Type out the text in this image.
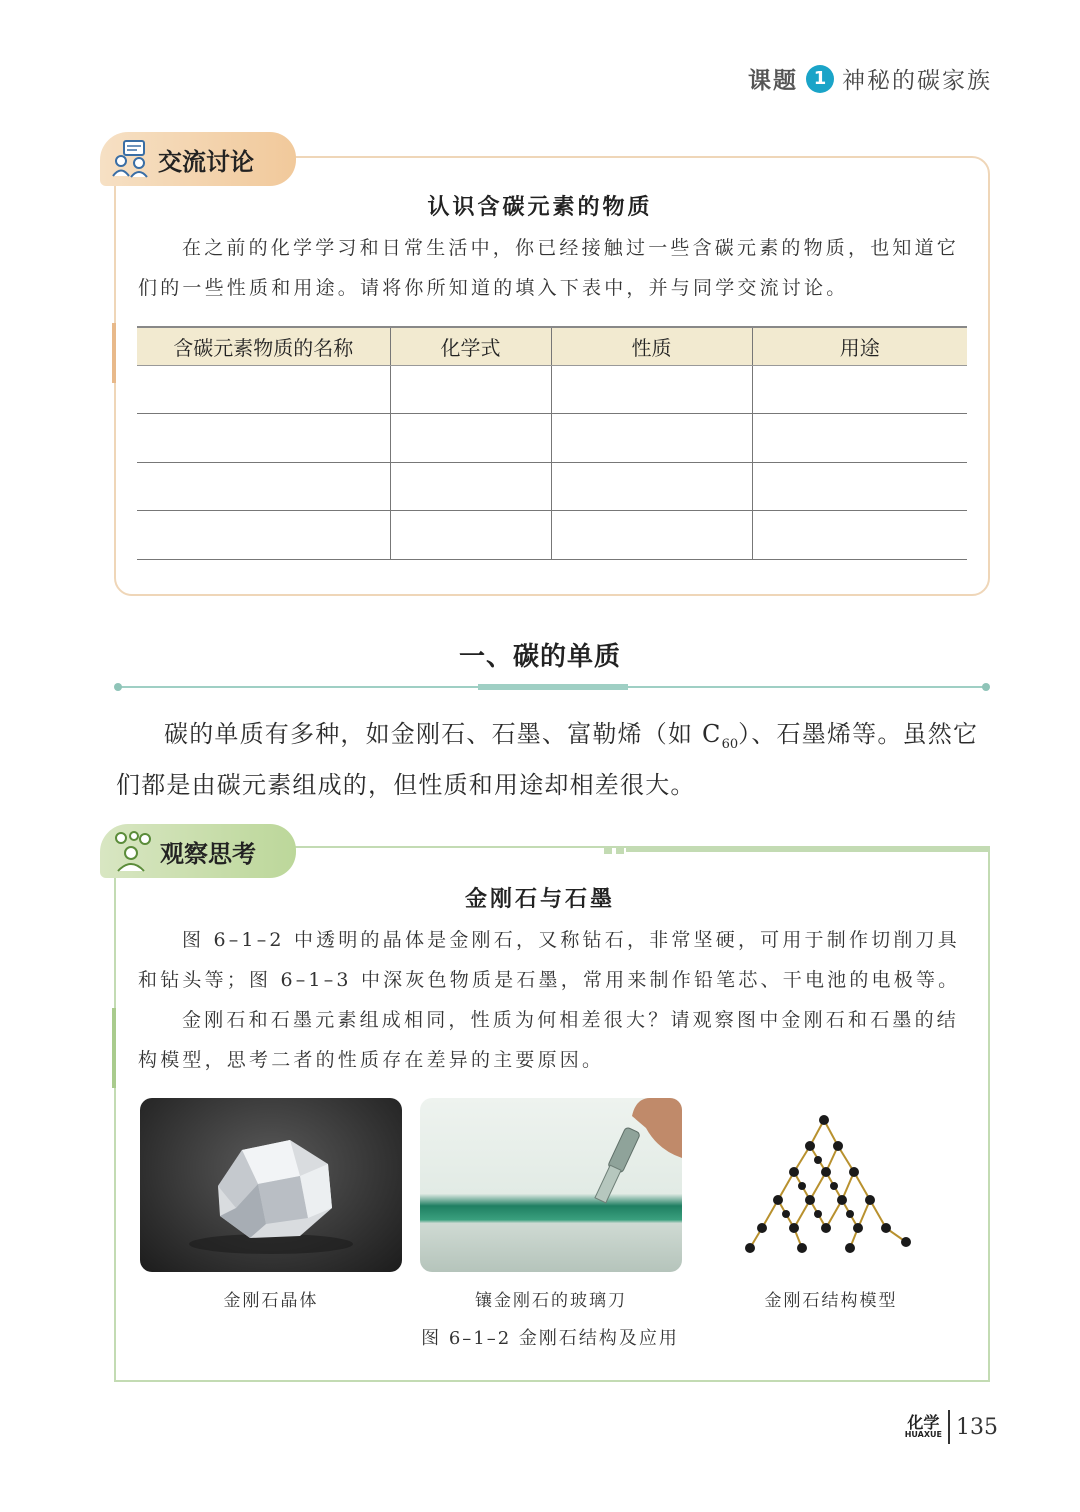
课题 1 神秘的碳家族
交流讨论
认识含碳元素的物质
在之前的化学学习和日常生活中，你已经接触过一些含碳元素的物质，也知道它们的一些性质和用途。请将你所知道的填入下表中，并与同学交流讨论。
含碳元素物质的名称	化学式	性质	用途

一、碳的单质
碳的单质有多种，如金刚石、石墨、富勒烯（如 $C_{60}$）、石墨烯等。虽然它们都是由碳元素组成的，但性质和用途却相差很大。
观察思考
金刚石与石墨
图 6–1–2 中透明的晶体是金刚石，又称钻石，非常坚硬，可用于制作切削刀具和钻头等；图 6–1–3 中深灰色物质是石墨，常用来制作铅笔芯、干电池的电极等。
金刚石和石墨元素组成相同，性质为何相差很大？请观察图中金刚石和石墨的结构模型，思考二者的性质存在差异的主要原因。
金刚石晶体	镶金刚石的玻璃刀	金刚石结构模型
图 6–1–2 金刚石结构及应用
化学
HUAXUE 135
